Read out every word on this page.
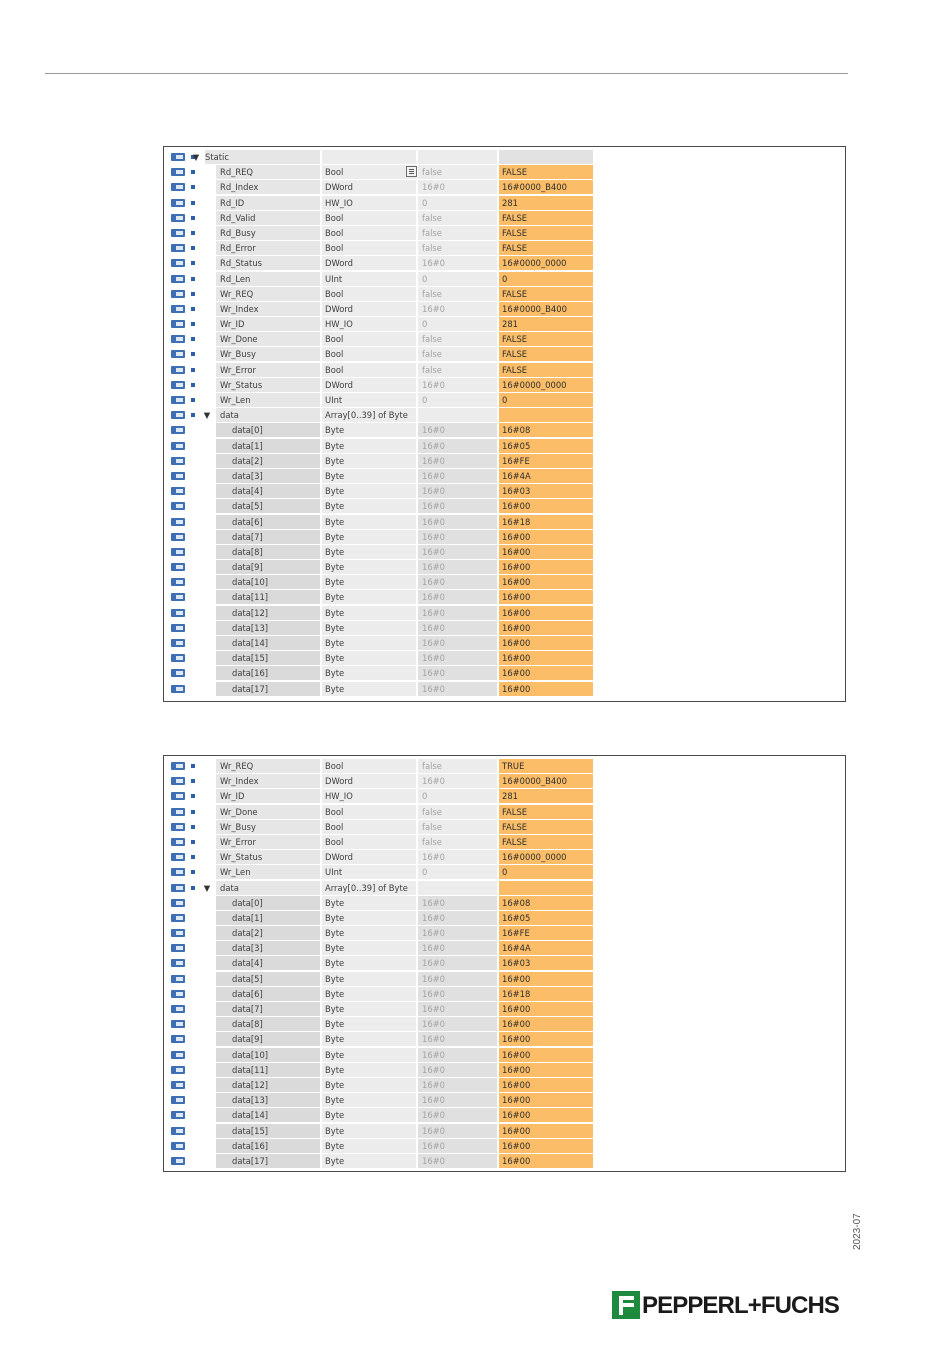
▼ Static
Rd_REQ	Bool	false	FALSE
Rd_Index	DWord	16#0	16#0000_B400
Rd_ID	HW_IO	0	281
Rd_Valid	Bool	false	FALSE
Rd_Busy	Bool	false	FALSE
Rd_Error	Bool	false	FALSE
Rd_Status	DWord	16#0	16#0000_0000
Rd_Len	UInt	0	0
Wr_REQ	Bool	false	FALSE
Wr_Index	DWord	16#0	16#0000_B400
Wr_ID	HW_IO	0	281
Wr_Done	Bool	false	FALSE
Wr_Busy	Bool	false	FALSE
Wr_Error	Bool	false	FALSE
Wr_Status	DWord	16#0	16#0000_0000
Wr_Len	UInt	0	0
▼	data	Array[0..39] of Byte
data[0]	Byte	16#0	16#08
data[1]	Byte	16#0	16#05
data[2]	Byte	16#0	16#FE
data[3]	Byte	16#0	16#4A
data[4]	Byte	16#0	16#03
data[5]	Byte	16#0	16#00
data[6]	Byte	16#0	16#18
data[7]	Byte	16#0	16#00
data[8]	Byte	16#0	16#00
data[9]	Byte	16#0	16#00
data[10]	Byte	16#0	16#00
data[11]	Byte	16#0	16#00
data[12]	Byte	16#0	16#00
data[13]	Byte	16#0	16#00
data[14]	Byte	16#0	16#00
data[15]	Byte	16#0	16#00
data[16]	Byte	16#0	16#00
data[17]	Byte	16#0	16#00
Wr_REQ	Bool	false	TRUE
Wr_Index	DWord	16#0	16#0000_B400
Wr_ID	HW_IO	0	281
Wr_Done	Bool	false	FALSE
Wr_Busy	Bool	false	FALSE
Wr_Error	Bool	false	FALSE
Wr_Status	DWord	16#0	16#0000_0000
Wr_Len	UInt	0	0
▼	data	Array[0..39] of Byte
data[0]	Byte	16#0	16#08
data[1]	Byte	16#0	16#05
data[2]	Byte	16#0	16#FE
data[3]	Byte	16#0	16#4A
data[4]	Byte	16#0	16#03
data[5]	Byte	16#0	16#00
data[6]	Byte	16#0	16#18
data[7]	Byte	16#0	16#00
data[8]	Byte	16#0	16#00
data[9]	Byte	16#0	16#00
data[10]	Byte	16#0	16#00
data[11]	Byte	16#0	16#00
data[12]	Byte	16#0	16#00
data[13]	Byte	16#0	16#00
data[14]	Byte	16#0	16#00
data[15]	Byte	16#0	16#00
data[16]	Byte	16#0	16#00
data[17]	Byte	16#0	16#00
2023-07
PEPPERL+FUCHS
